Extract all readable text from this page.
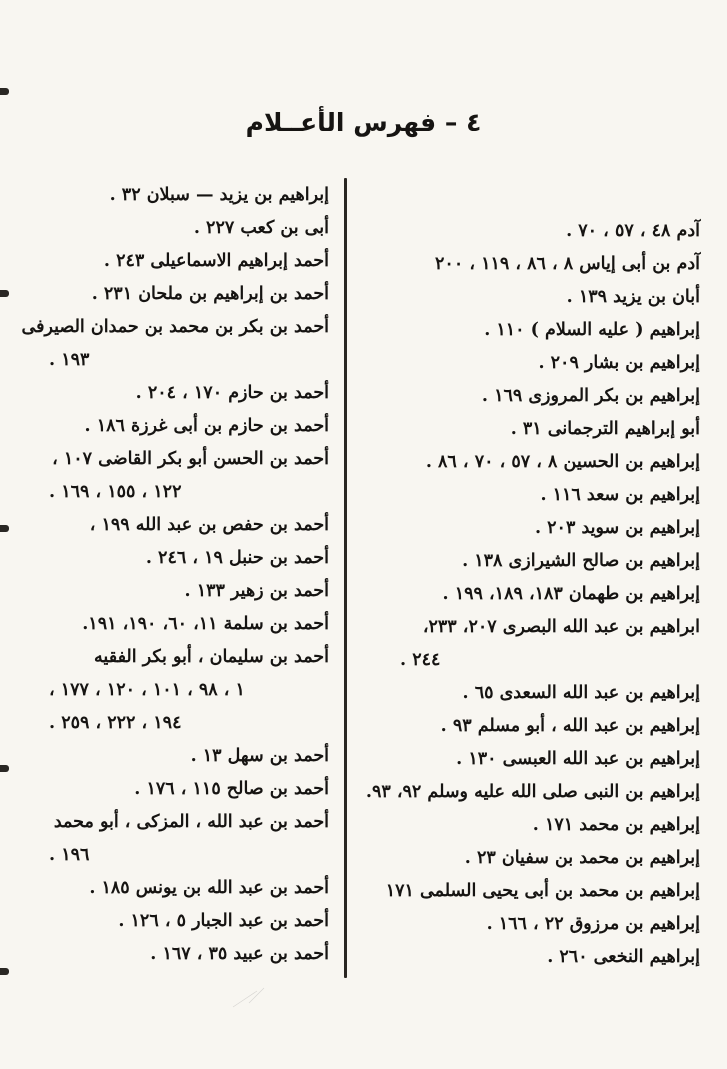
٤ – فهرس الأعــلام
آدم ٤٨ ، ٥٧ ، ٧٠ .
آدم بن أبى إياس ٨ ، ٨٦ ، ١١٩ ، ٢٠٠
أبان بن يزيد ١٣٩ .
إبراهيم ( عليه السلام ) ١١٠ .
إبراهيم بن بشار ٢٠٩ .
إبراهيم بن بكر المروزى ١٦٩ .
أبو إبراهيم الترجمانى ٣١ .
إبراهيم بن الحسين ٨ ، ٥٧ ، ٧٠ ، ٨٦ .
إبراهيم بن سعد ١١٦ .
إبراهيم بن سويد ٢٠٣ .
إبراهيم بن صالح الشيرازى ١٣٨ .
إبراهيم بن طهمان ١٨٣، ١٨٩، ١٩٩ .
ابراهيم بن عبد الله البصرى ٢٠٧، ٢٣٣،
٢٤٤ .
إبراهيم بن عبد الله السعدى ٦٥ .
إبراهيم بن عبد الله ، أبو مسلم ٩٣ .
إبراهيم بن عبد الله العبسى ١٣٠ .
إبراهيم بن النبى صلى الله عليه وسلم ٩٢، ٩٣.
إبراهيم بن محمد ١٧١ .
إبراهيم بن محمد بن سفيان ٢٣ .
إبراهيم بن محمد بن أبى يحيى السلمى ١٧١
إبراهيم بن مرزوق ٢٢ ، ١٦٦ .
إبراهيم النخعى ٢٦٠ .
إبراهيم بن يزيد — سبلان ٣٢ .
أبى بن كعب ٢٢٧ .
أحمد إبراهيم الاسماعيلى ٢٤٣ .
أحمد بن إبراهيم بن ملحان ٢٣١ .
أحمد بن بكر بن محمد بن حمدان الصيرفى
١٩٣ .
أحمد بن حازم ١٧٠ ، ٢٠٤ .
أحمد بن حازم بن أبى غرزة ١٨٦ .
أحمد بن الحسن أبو بكر القاضى ١٠٧ ،
١٢٢ ، ١٥٥ ، ١٦٩ .
أحمد بن حفص بن عبد الله ١٩٩ ،
أحمد بن حنبل ١٩ ، ٢٤٦ .
أحمد بن زهير ١٣٣ .
أحمد بن سلمة ١١، ٦٠، ١٩٠، ١٩١.
أحمد بن سليمان ، أبو بكر الفقيه
١ ، ٩٨ ، ١٠١ ، ١٢٠ ، ١٧٧ ،
١٩٤ ، ٢٢٢ ، ٢٥٩ .
أحمد بن سهل ١٣ .
أحمد بن صالح ١١٥ ، ١٧٦ .
أحمد بن عبد الله ، المزكى ، أبو محمد
١٩٦ .
أحمد بن عبد الله بن يونس ١٨٥ .
أحمد بن عبد الجبار ٥ ، ١٢٦ .
أحمد بن عبيد ٣٥ ، ١٦٧ .
